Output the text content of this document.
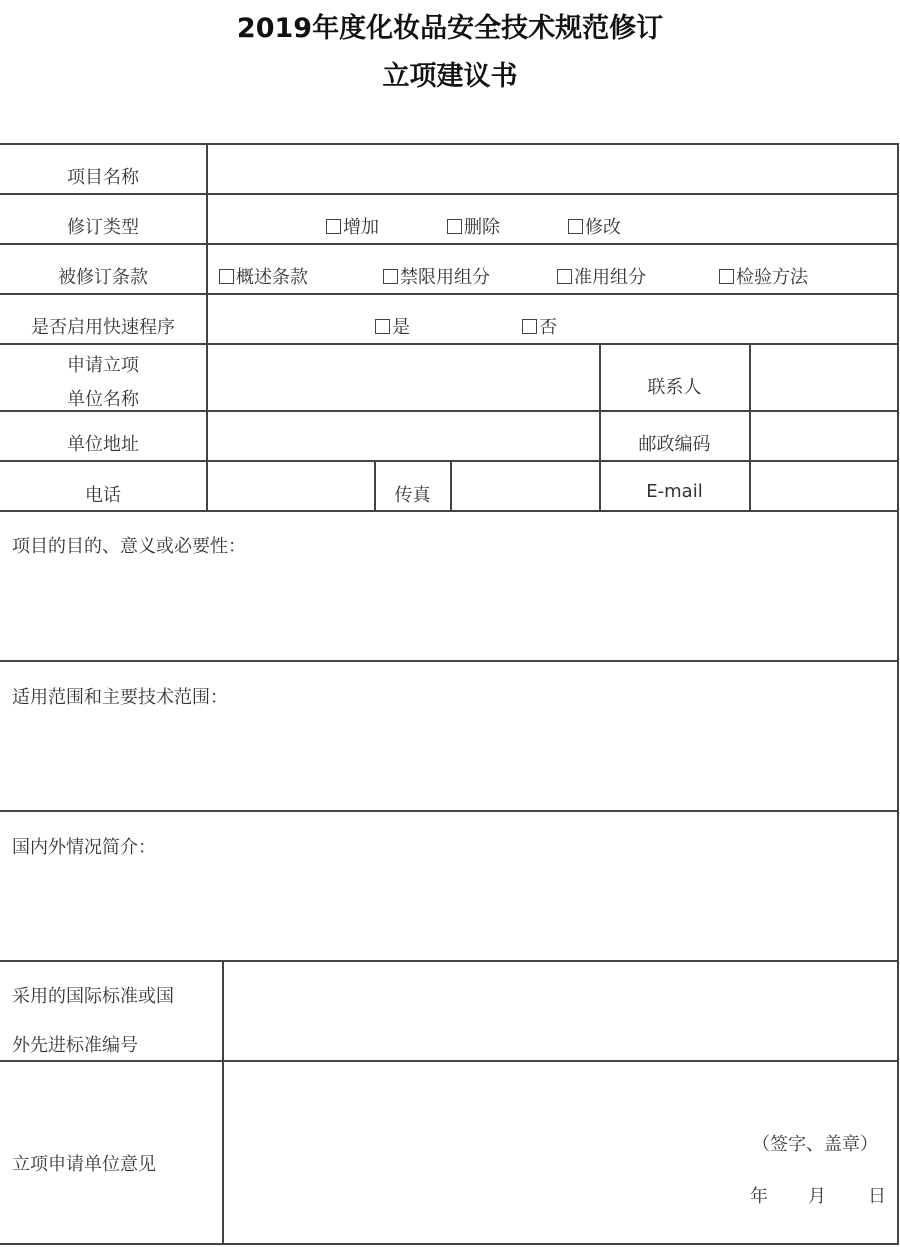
2019年度化妆品安全技术规范修订
立项建议书
项目名称
修订类型	增加	删除	修改
被修订条款	概述条款	禁限用组分	准用组分	检验方法
是否启用快速程序	是	否
申请立项
单位名称
联系人
单位地址	邮政编码
电话	传真	E-mail
项目的目的、意义或必要性：
适用范围和主要技术范围：
国内外情况简介：
采用的国际标准或国
外先进标准编号
立项申请单位意见
（签字、盖章）
年 月 日
